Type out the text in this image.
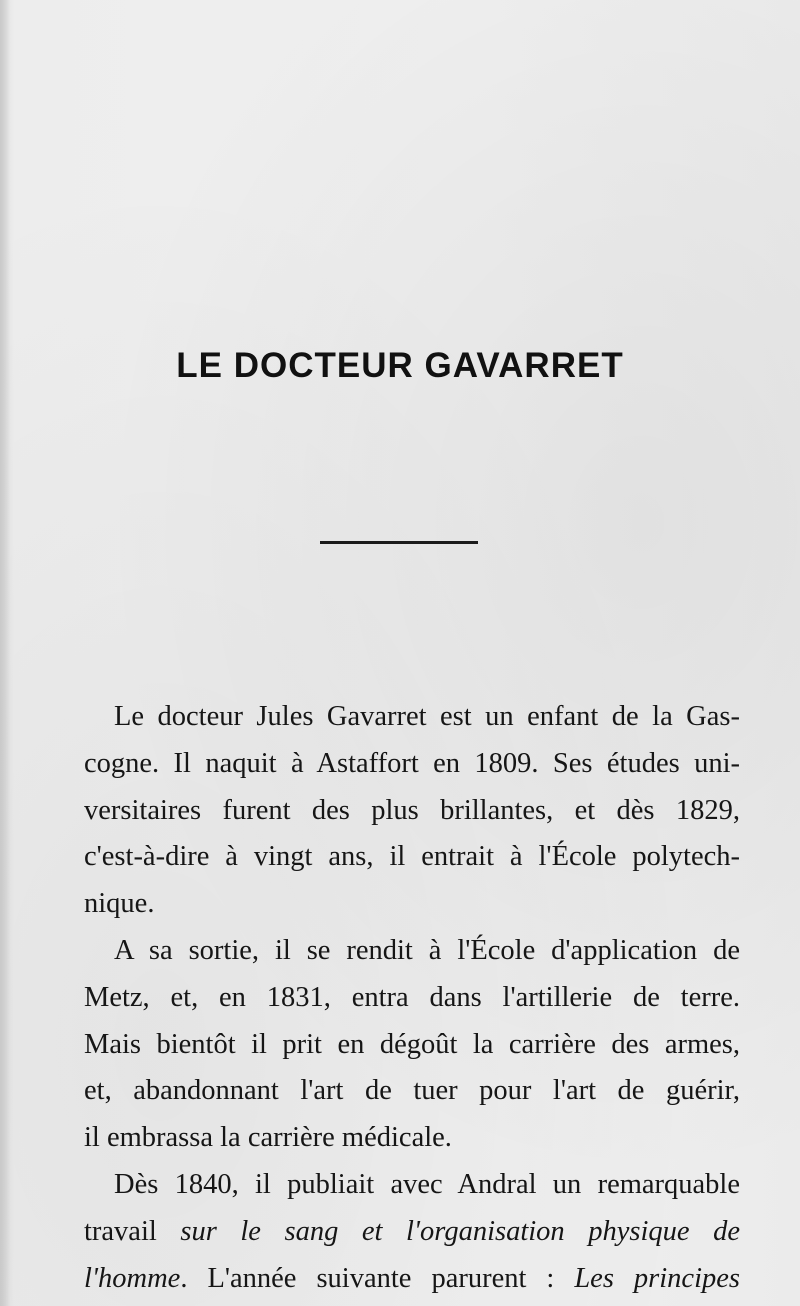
LE DOCTEUR GAVARRET
Le docteur Jules Gavarret est un enfant de la Gas-
cogne. Il naquit à Astaffort en 1809. Ses études uni-
versitaires furent des plus brillantes, et dès 1829,
c'est-à-dire à vingt ans, il entrait à l'École polytech-
nique.
A sa sortie, il se rendit à l'École d'application de
Metz, et, en 1831, entra dans l'artillerie de terre.
Mais bientôt il prit en dégoût la carrière des armes,
et, abandonnant l'art de tuer pour l'art de guérir,
il embrassa la carrière médicale.
Dès 1840, il publiait avec Andral un remarquable
travail sur le sang et l'organisation physique de
l'homme. L'année suivante parurent : Les principes
